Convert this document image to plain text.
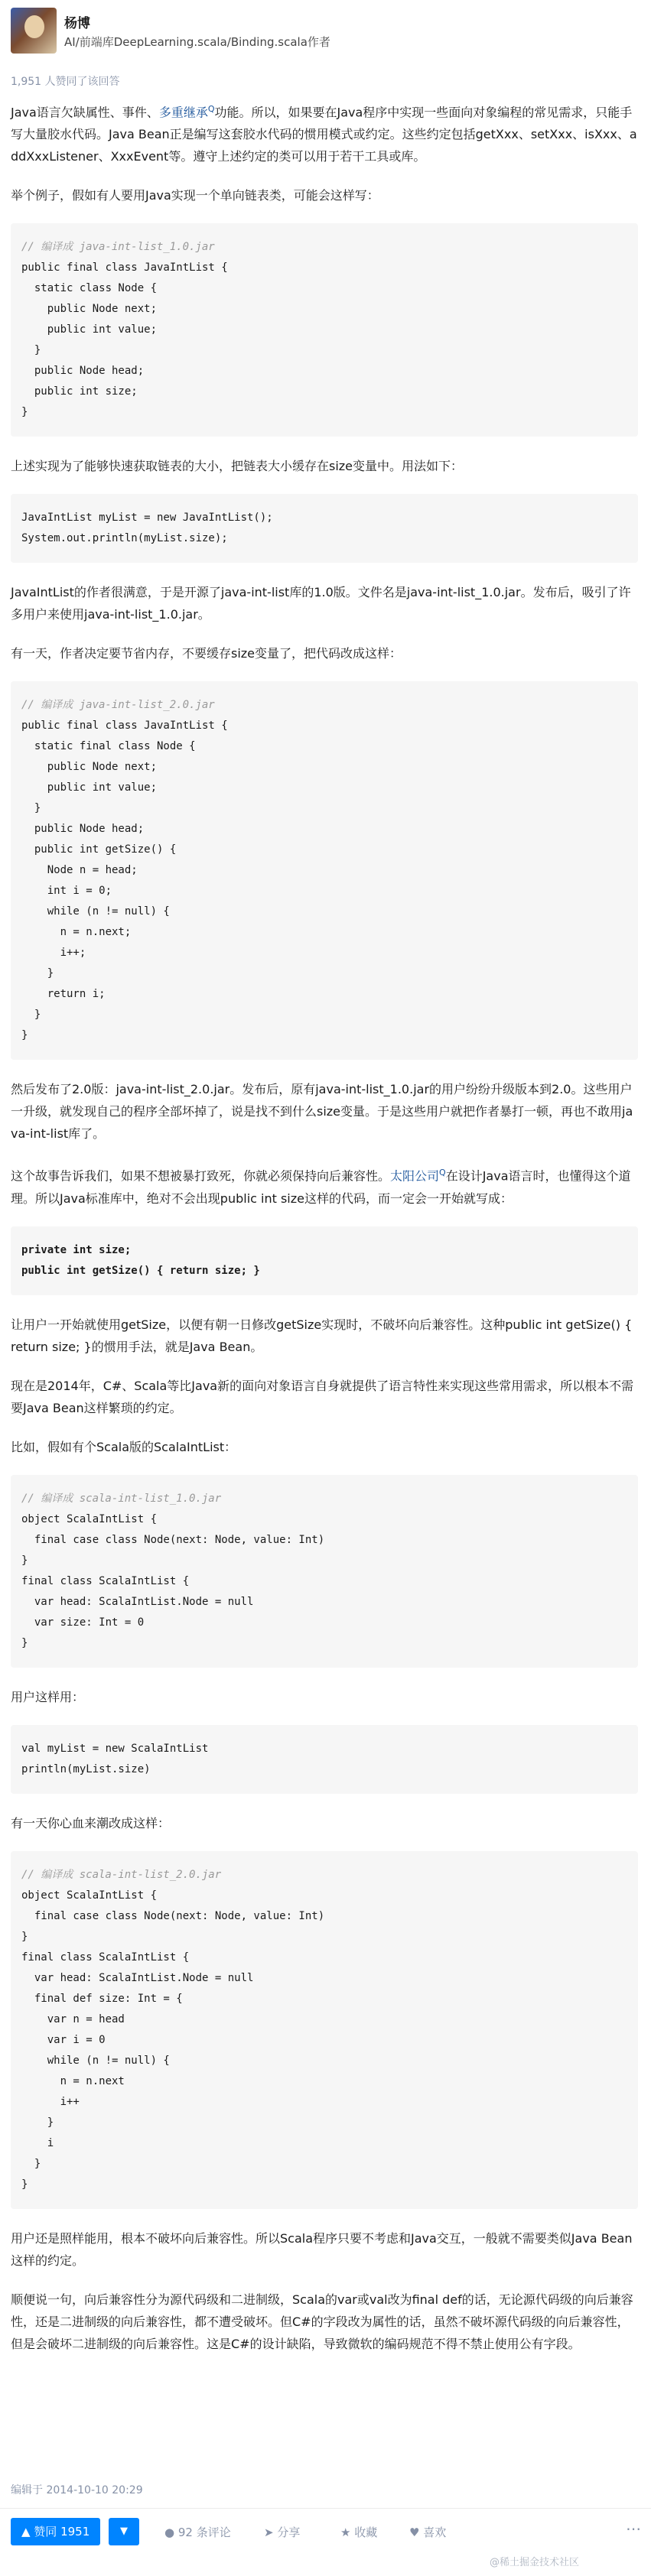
杨博
AI/前端库DeepLearning.scala/Binding.scala作者
1,951 人赞同了该回答

Java语言欠缺属性、事件、多重继承$^Q$功能。所以，如果要在Java程序中实现一些面向对象编程的常见需求，只能手写大量胶水代码。Java Bean正是编写这套胶水代码的惯用模式或约定。这些约定包括getXxx、setXxx、isXxx、addXxxListener、XxxEvent等。遵守上述约定的类可以用于若干工具或库。

举个例子，假如有人要用Java实现一个单向链表类，可能会这样写：

// 编译成 java-int-list_1.0.jar
public final class JavaIntList {
static class Node {
public Node next;
public int value;
}
public Node head;
public int size;
}

上述实现为了能够快速获取链表的大小，把链表大小缓存在size变量中。用法如下：

JavaIntList myList = new JavaIntList();
System.out.println(myList.size);

JavaIntList的作者很满意，于是开源了java-int-list库的1.0版。文件名是java-int-list_1.0.jar。发布后，吸引了许多用户来使用java-int-list_1.0.jar。

有一天，作者决定要节省内存，不要缓存size变量了，把代码改成这样：

// 编译成 java-int-list_2.0.jar
public final class JavaIntList {
static final class Node {
public Node next;
public int value;
}
public Node head;
public int getSize() {
Node n = head;
int i = 0;
while (n != null) {
n = n.next;
i++;
}
return i;
}
}

然后发布了2.0版：java-int-list_2.0.jar。发布后，原有java-int-list_1.0.jar的用户纷纷升级版本到2.0。这些用户一升级，就发现自己的程序全部坏掉了，说是找不到什么size变量。于是这些用户就把作者暴打一顿，再也不敢用java-int-list库了。

这个故事告诉我们，如果不想被暴打致死，你就必须保持向后兼容性。太阳公司$^Q$在设计Java语言时，也懂得这个道理。所以Java标准库中，绝对不会出现public int size这样的代码，而一定会一开始就写成：

private int size;
public int getSize() { return size; }

让用户一开始就使用getSize，以便有朝一日修改getSize实现时，不破坏向后兼容性。这种public int getSize() { return size; }的惯用手法，就是Java Bean。

现在是2014年，C#、Scala等比Java新的面向对象语言自身就提供了语言特性来实现这些常用需求，所以根本不需要Java Bean这样繁琐的约定。

比如，假如有个Scala版的ScalaIntList：

// 编译成 scala-int-list_1.0.jar
object ScalaIntList {
final case class Node(next: Node, value: Int)
}
final class ScalaIntList {
var head: ScalaIntList.Node = null
var size: Int = 0
}

用户这样用：

val myList = new ScalaIntList
println(myList.size)

有一天你心血来潮改成这样：

// 编译成 scala-int-list_2.0.jar
object ScalaIntList {
final case class Node(next: Node, value: Int)
}
final class ScalaIntList {
var head: ScalaIntList.Node = null
final def size: Int = {
var n = head
var i = 0
while (n != null) {
n = n.next
i++
}
i
}
}

用户还是照样能用，根本不破坏向后兼容性。所以Scala程序只要不考虑和Java交互，一般就不需要类似Java Bean这样的约定。

顺便说一句，向后兼容性分为源代码级和二进制级，Scala的var或val改为final def的话，无论源代码级的向后兼容性，还是二进制级的向后兼容性，都不遭受破坏。但C#的字段改为属性的话，虽然不破坏源代码级的向后兼容性，但是会破坏二进制级的向后兼容性。这是C#的设计缺陷，导致微软的编码规范不得不禁止使用公有字段。

编辑于 2014-10-10 20:29
▲ 赞同 1951	▼	● 92 条评论	➤ 分享	★ 收藏	♥ 喜欢	⋯
@稀土掘金技术社区
